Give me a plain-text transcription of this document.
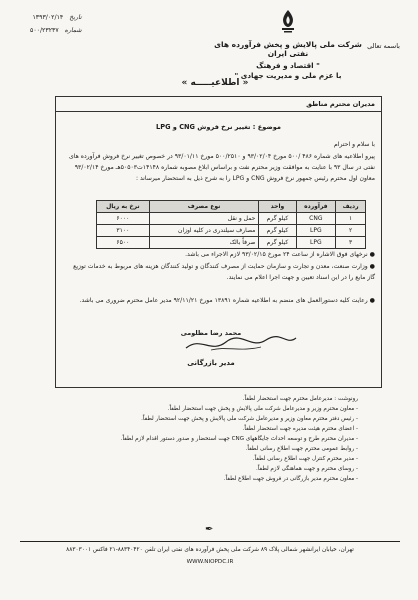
تاریخ
۱۳۹۳/۰۲/۱۴
شماره
۵۰۰/۲۳۲۳۷
شرکت ملی پالایش و پخش فرآورده های نفتی ایران
" اقتصاد و فرهنگ
با عزم ملی و مدیریت جهادی "
باسمه تعالی
« اطلاعیـــــه »
مدیران محترم مناطق
موضوع : تغییر نرخ فروش CNG و LPG
با سلام و احترام
پیرو اطلاعیه های شماره ۴۸۶ /۵۰۰ مورخ ۹۳/۰۲/۰۴ و ۵۰۰/۲۵۱۰ مورخ ۹۳/۰۱/۱۱ در خصوص تغییر نرخ فروش فرآورده های نفتی در سال ۹۳ با عنایت به موافقت وزیر محترم نفت و براساس ابلاغ مصوبه شماره ۱۴۱۴۸ت۵۰۵۰۳هـ مورخ ۹۳/۰۲/۱۴ معاون اول محترم رئیس جمهور نرخ فروش CNG و LPG را به شرح ذیل به استحضار میرساند :
ردیف	فرآورده	واحد	نوع مصرف	نرخ به ریال
۱	CNG	کیلو گرم	حمل و نقل	۶۰۰۰
۲	LPG	کیلو گرم	مصارف سیلندری در کلیه اوزان	۳۱۰۰
۳	LPG	کیلو گرم	صرفاً بالک	۶۵۰۰
● نرخهای فوق الاشاره از ساعت ۲۴ مورخ ۹۳/۰۲/۱۵ لازم الاجراء می باشد.
● وزارت صنعت، معدن و تجارت و سازمان حمایت از مصرف کنندگان و تولید کنندگان هزینه های مربوط به خدمات توزیع گاز مایع را در این اسناد تعیین و جهت اجرا اعلام می نمایند.
● رعایت کلیه دستورالعمل های منضم به اطلاعیه شماره ۱۳۸۹۱ مورخ ۹۲/۱۱/۲۱ مدیر عامل محترم ضروری می باشد.
محمد رضا مظلومی
مدیر بازرگانی
رونوشت : مدیرعامل محترم جهت استحضار لطفاً.
- معاون محترم وزیر و مدیرعامل شرکت ملی پالایش و پخش جهت استحضار لطفاً.
- رئیس دفتر محترم معاون وزیر و مدیرعامل شرکت ملی پالایش و پخش جهت استحضار لطفاً.
- اعضای محترم هیئت مدیره جهت استحضار لطفاً.
- مدیران محترم طرح و توسعه احداث جایگاههای CNG جهت استحضار و صدور دستور اقدام لازم لطفاً.
- روابط عمومی محترم جهت اطلاع رسانی لطفاً.
- مدیر محترم کنترل جهت اطلاع رسانی لطفاً.
- روسای محترم و جهت هماهنگی لازم لطفاً.
- معاون محترم مدیر بازرگانی در فروش جهت اطلاع لطفاً.
✒
تهران، خیابان ایرانشهر شمالی پلاک ۸۹ شرکت ملی پخش فرآورده های نفتی ایران تلفن ۸۸۳۴۰۴۲۰-۲۱ فاکس ۸۸۳۰۳۰۰۱
WWW.NIOPDC.IR
